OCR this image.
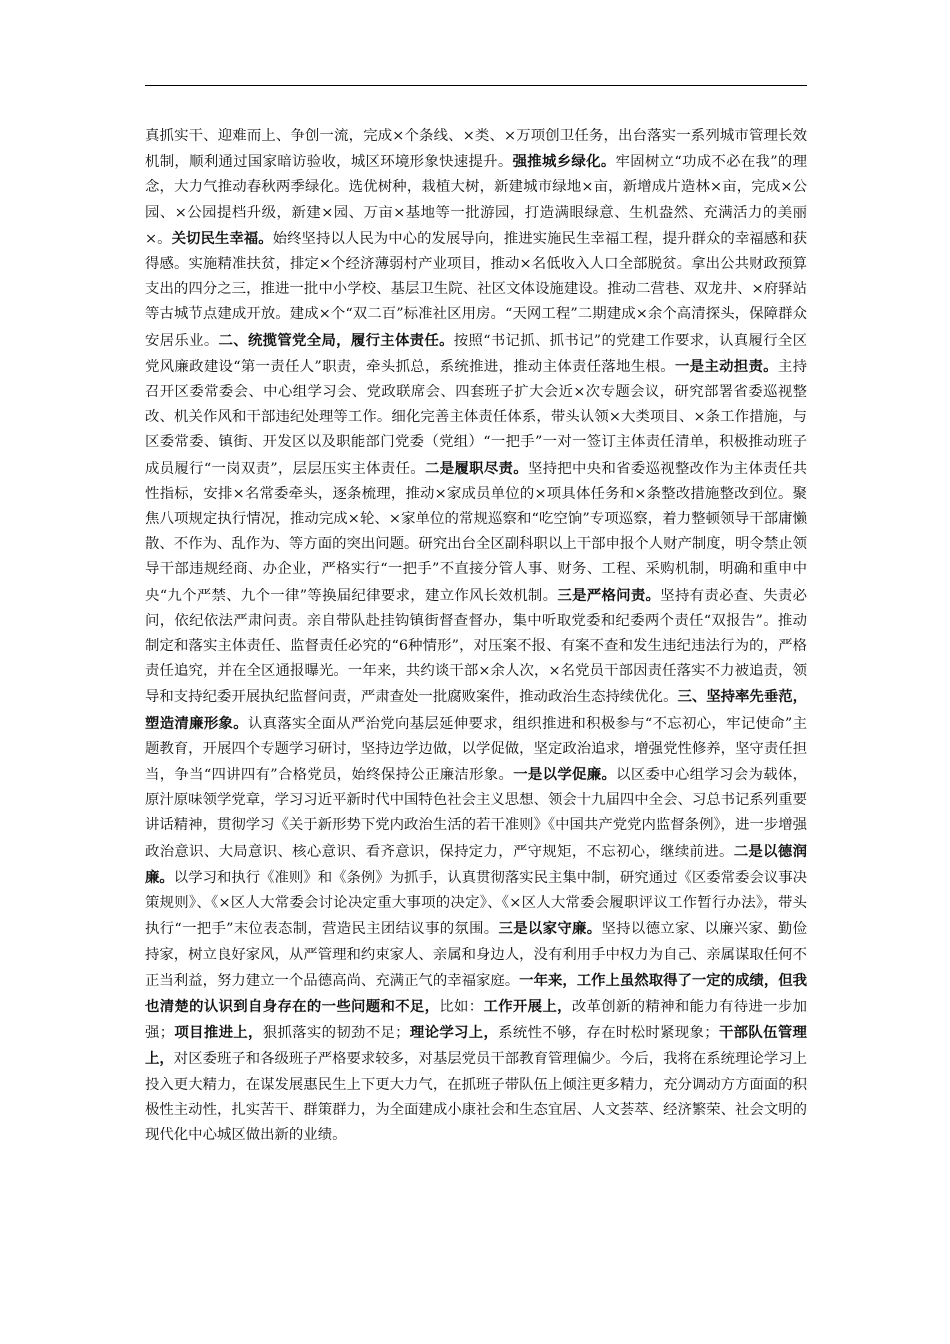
真抓实干、迎难而上、争创一流，完成×个条线、×类、×万项创卫任务，出台落实一系列城市管理长效机制，顺利通过国家暗访验收，城区环境形象快速提升。强推城乡绿化。牢固树立“功成不必在我”的理念，大力气推动春秋两季绿化。选优树种，栽植大树，新建城市绿地×亩，新增成片造林×亩，完成×公园、×公园提档升级，新建×园、万亩×基地等一批游园，打造满眼绿意、生机盎然、充满活力的美丽×。关切民生幸福。始终坚持以人民为中心的发展导向，推进实施民生幸福工程，提升群众的幸福感和获得感。实施精准扶贫，排定×个经济薄弱村产业项目，推动×名低收入人口全部脱贫。拿出公共财政预算支出的四分之三，推进一批中小学校、基层卫生院、社区文体设施建设。推动二营巷、双龙井、×府驿站等古城节点建成开放。建成×个“双二百”标准社区用房。“天网工程”二期建成×余个高清探头，保障群众安居乐业。二、统揽管党全局，履行主体责任。按照“书记抓、抓书记”的党建工作要求，认真履行全区党风廉政建设“第一责任人”职责，牵头抓总，系统推进，推动主体责任落地生根。一是主动担责。主持召开区委常委会、中心组学习会、党政联席会、四套班子扩大会近×次专题会议，研究部署省委巡视整改、机关作风和干部违纪处理等工作。细化完善主体责任体系，带头认领×大类项目、×条工作措施，与区委常委、镇街、开发区以及职能部门党委（党组）“一把手”一对一签订主体责任清单，积极推动班子成员履行“一岗双责”，层层压实主体责任。二是履职尽责。坚持把中央和省委巡视整改作为主体责任共性指标，安排×名常委牵头，逐条梳理，推动×家成员单位的×项具体任务和×条整改措施整改到位。聚焦八项规定执行情况，推动完成×轮、×家单位的常规巡察和“吃空饷”专项巡察，着力整顿领导干部庸懒散、不作为、乱作为、等方面的突出问题。研究出台全区副科职以上干部申报个人财产制度，明令禁止领导干部违规经商、办企业，严格实行“一把手”不直接分管人事、财务、工程、采购机制，明确和重申中央“九个严禁、九个一律”等换届纪律要求，建立作风长效机制。三是严格问责。坚持有责必查、失责必问，依纪依法严肃问责。亲自带队赴挂钩镇街督查督办，集中听取党委和纪委两个责任“双报告”。推动制定和落实主体责任、监督责任必究的“6种情形”，对压案不报、有案不查和发生违纪违法行为的，严格责任追究，并在全区通报曝光。一年来，共约谈干部×余人次，×名党员干部因责任落实不力被追责，领导和支持纪委开展执纪监督问责，严肃查处一批腐败案件，推动政治生态持续优化。三、坚持率先垂范，塑造清廉形象。认真落实全面从严治党向基层延伸要求，组织推进和积极参与“不忘初心，牢记使命”主题教育，开展四个专题学习研讨，坚持边学边做，以学促做，坚定政治追求，增强党性修养，坚守责任担当，争当“四讲四有”合格党员，始终保持公正廉洁形象。一是以学促廉。以区委中心组学习会为载体，原汁原味领学党章，学习习近平新时代中国特色社会主义思想、领会十九届四中全会、习总书记系列重要讲话精神，贯彻学习《关于新形势下党内政治生活的若干准则》《中国共产党党内监督条例》，进一步增强政治意识、大局意识、核心意识、看齐意识，保持定力，严守规矩，不忘初心，继续前进。二是以德润廉。以学习和执行《准则》和《条例》为抓手，认真贯彻落实民主集中制，研究通过《区委常委会议事决策规则》、《×区人大常委会讨论决定重大事项的决定》、《×区人大常委会履职评议工作暂行办法》，带头执行“一把手”末位表态制，营造民主团结议事的氛围。三是以家守廉。坚持以德立家、以廉兴家、勤俭持家，树立良好家风，从严管理和约束家人、亲属和身边人，没有利用手中权力为自己、亲属谋取任何不正当利益，努力建立一个品德高尚、充满正气的幸福家庭。一年来，工作上虽然取得了一定的成绩，但我也清楚的认识到自身存在的一些问题和不足，比如：工作开展上，改革创新的精神和能力有待进一步加强；项目推进上，狠抓落实的韧劲不足；理论学习上，系统性不够，存在时松时紧现象；干部队伍管理上，对区委班子和各级班子严格要求较多，对基层党员干部教育管理偏少。今后，我将在系统理论学习上投入更大精力，在谋发展惠民生上下更大力气，在抓班子带队伍上倾注更多精力，充分调动方方面面的积极性主动性，扎实苦干、群策群力，为全面建成小康社会和生态宜居、人文荟萃、经济繁荣、社会文明的现代化中心城区做出新的业绩。
